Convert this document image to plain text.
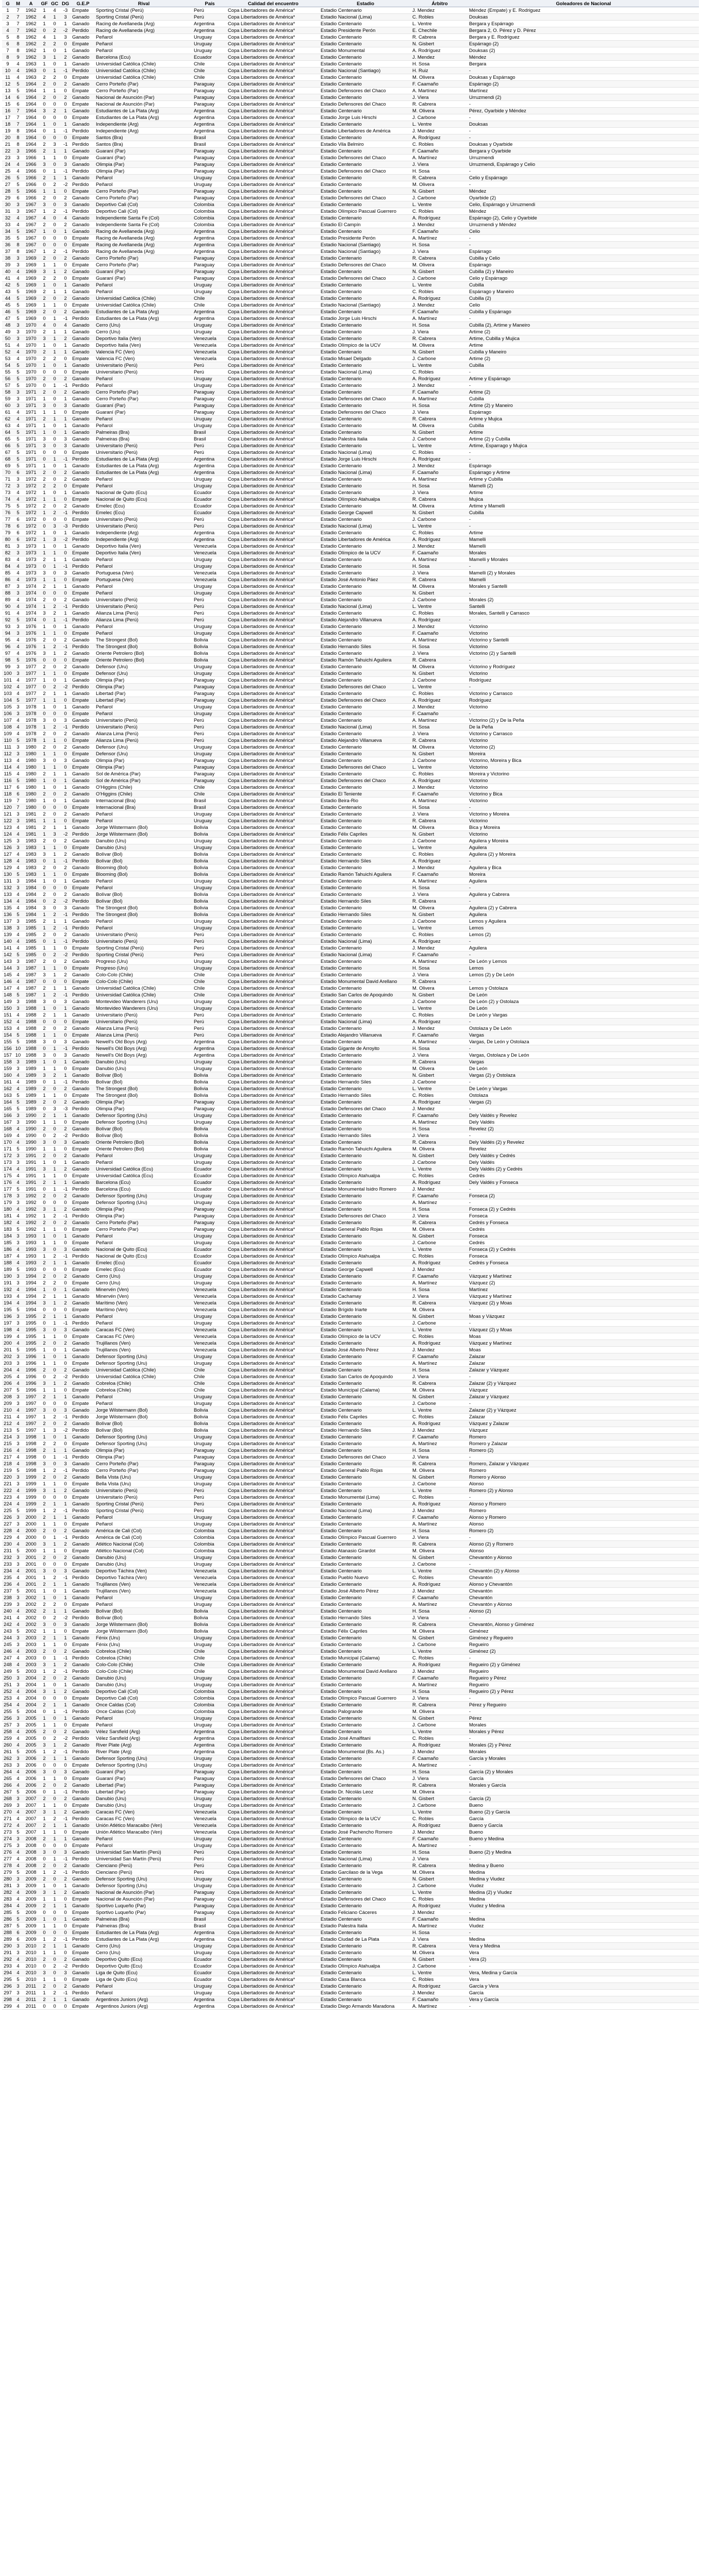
G	M	A	GF	GC	DG	G.E.P	Rival	País	Calidad del encuentro	Estadio	Árbitro	Goleadores de Nacional
1	7	1962	1	4	-3	Empate	Sporting Cristal (Perú)	Perú	Copa Libertadores de América*	Estadio Centenario	J. Mendez	Méndez (Empate) y E. Rodriguez
2	7	1962	4	1	3	Ganado	Sporting Cristal (Perú)	Perú	Copa Libertadores de América*	Estadio Nacional (Lima)	C. Robles	Douksas
3	7	1962	1	0	1	Ganado	Racing de Avellaneda (Arg)	Argentina	Copa Libertadores de América*	Estadio Centenario	L. Ventre	Bergara y Espárrago
4	7	1962	0	2	-2	Perdido	Racing de Avellaneda (Arg)	Argentina	Copa Libertadores de América*	Estadio Presidente Perón	E. Chechile	Bergara 2, O. Pérez y D. Pérez
5	8	1962	4	1	3	Ganado	Peñarol	Uruguay	Copa Libertadores de América*	Estadio Centenario	R. Cabrera	Bergara y E. Rodríguez
6	8	1962	2	2	0	Empate	Peñarol	Uruguay	Copa Libertadores de América*	Estadio Centenario	N. Gisbert	Espárrago (2)
7	8	1962	1	0	1	Ganado	Peñarol	Uruguay	Copa Libertadores de América*	Estadio Monumental	A. Rodríguez	Douksas (2)
8	9	1962	3	1	2	Ganado	Barcelona (Ecu)	Ecuador	Copa Libertadores de América*	Estadio Centenario	J. Mendez	Méndez
9	4	1963	1	0	1	Ganado	Universidad Católica (Chile)	Chile	Copa Libertadores de América*	Estadio Centenario	H. Sosa	Bergara
10	4	1963	0	1	-1	Perdido	Universidad Católica (Chile)	Chile	Copa Libertadores de América*	Estadio Nacional (Santiago)	H. Ruiz	-
11	4	1963	2	2	0	Empate	Universidad Católica (Chile)	Chile	Copa Libertadores de América*	Estadio Centenario	M. Olivera	Douksas y Espárrago
12	5	1964	2	0	2	Ganado	Cerro Porteño (Par)	Paraguay	Copa Libertadores de América*	Estadio Centenario	F. Caamaño	Espárrago (2)
13	5	1964	1	1	0	Empate	Cerro Porteño (Par)	Paraguay	Copa Libertadores de América*	Estadio Defensores del Chaco	A. Martínez	Martínez
14	6	1964	2	0	2	Ganado	Nacional de Asunción (Par)	Paraguay	Copa Libertadores de América*	Estadio Centenario	J. Viera	Urruzmendi (2)
15	6	1964	0	0	0	Empate	Nacional de Asunción (Par)	Paraguay	Copa Libertadores de América*	Estadio Defensores del Chaco	R. Cabrera	-
16	7	1964	3	2	1	Ganado	Estudiantes de La Plata (Arg)	Argentina	Copa Libertadores de América*	Estadio Centenario	M. Olivera	Pérez, Oyarbide y Méndez
17	7	1964	0	0	0	Empate	Estudiantes de La Plata (Arg)	Argentina	Copa Libertadores de América*	Estadio Jorge Luis Hirschi	J. Carbone	-
18	7	1964	1	0	1	Ganado	Independiente (Arg)	Argentina	Copa Libertadores de América*	Estadio Centenario	L. Ventre	Douksas
19	8	1964	0	1	-1	Perdido	Independiente (Arg)	Argentina	Copa Libertadores de América*	Estadio Libertadores de América	J. Mendez	-
20	8	1964	0	0	0	Empate	Santos (Bra)	Brasil	Copa Libertadores de América*	Estadio Centenario	A. Rodríguez	-
21	8	1964	2	3	-1	Perdido	Santos (Bra)	Brasil	Copa Libertadores de América*	Estadio Vila Belmiro	C. Robles	Douksas y Oyarbide
22	3	1966	2	1	1	Ganado	Guaraní (Par)	Paraguay	Copa Libertadores de América*	Estadio Centenario	F. Caamaño	Bergara y Oyarbide
23	3	1966	1	1	0	Empate	Guaraní (Par)	Paraguay	Copa Libertadores de América*	Estadio Defensores del Chaco	A. Martínez	Urruzmendi
24	4	1966	3	0	3	Ganado	Olimpia (Par)	Paraguay	Copa Libertadores de América*	Estadio Centenario	J. Viera	Urruzmendi, Espárrago y Celio
25	4	1966	0	1	-1	Perdido	Olimpia (Par)	Paraguay	Copa Libertadores de América*	Estadio Defensores del Chaco	H. Sosa	-
26	5	1966	2	1	1	Ganado	Peñarol	Uruguay	Copa Libertadores de América*	Estadio Centenario	R. Cabrera	Celio y Espárrago
27	5	1966	0	2	-2	Perdido	Peñarol	Uruguay	Copa Libertadores de América*	Estadio Centenario	M. Olivera	-
28	5	1966	1	1	0	Empate	Cerro Porteño (Par)	Paraguay	Copa Libertadores de América*	Estadio Centenario	N. Gisbert	Méndez
29	6	1966	2	0	2	Ganado	Cerro Porteño (Par)	Paraguay	Copa Libertadores de América*	Estadio Defensores del Chaco	J. Carbone	Oyarbide (2)
30	3	1967	3	0	3	Ganado	Deportivo Cali (Col)	Colombia	Copa Libertadores de América*	Estadio Centenario	L. Ventre	Celio, Espárrago y Urruzmendi
31	3	1967	1	2	-1	Perdido	Deportivo Cali (Col)	Colombia	Copa Libertadores de América*	Estadio Olímpico Pascual Guerrero	C. Robles	Méndez
32	4	1967	4	0	4	Ganado	Independiente Santa Fe (Col)	Colombia	Copa Libertadores de América*	Estadio Centenario	A. Rodríguez	Espárrago (2), Celio y Oyarbide
33	4	1967	2	0	2	Ganado	Independiente Santa Fe (Col)	Colombia	Copa Libertadores de América*	Estadio El Campín	J. Mendez	Urruzmendi y Méndez
34	5	1967	1	0	1	Ganado	Racing de Avellaneda (Arg)	Argentina	Copa Libertadores de América*	Estadio Centenario	F. Caamaño	Celio
35	5	1967	0	0	0	Empate	Racing de Avellaneda (Arg)	Argentina	Copa Libertadores de América*	Estadio Presidente Perón	A. Martínez	-
36	8	1967	0	0	0	Empate	Racing de Avellaneda (Arg)	Argentina	Copa Libertadores de América*	Estadio Nacional (Santiago)	H. Sosa	-
37	8	1967	1	2	-1	Perdido	Racing de Avellaneda (Arg)	Argentina	Copa Libertadores de América*	Estadio Nacional (Santiago)	J. Viera	Espárrago
38	3	1969	2	0	2	Ganado	Cerro Porteño (Par)	Paraguay	Copa Libertadores de América*	Estadio Centenario	R. Cabrera	Cubilla y Celio
39	3	1969	1	1	0	Empate	Cerro Porteño (Par)	Paraguay	Copa Libertadores de América*	Estadio Defensores del Chaco	M. Olivera	Espárrago
40	4	1969	3	1	2	Ganado	Guaraní (Par)	Paraguay	Copa Libertadores de América*	Estadio Centenario	N. Gisbert	Cubilla (2) y Maneiro
41	4	1969	2	2	0	Empate	Guaraní (Par)	Paraguay	Copa Libertadores de América*	Estadio Defensores del Chaco	J. Carbone	Celio y Espárrago
42	5	1969	1	0	1	Ganado	Peñarol	Uruguay	Copa Libertadores de América*	Estadio Centenario	L. Ventre	Cubilla
43	5	1969	2	1	1	Ganado	Peñarol	Uruguay	Copa Libertadores de América*	Estadio Centenario	C. Robles	Espárrago y Maneiro
44	5	1969	2	0	2	Ganado	Universidad Católica (Chile)	Chile	Copa Libertadores de América*	Estadio Centenario	A. Rodríguez	Cubilla (2)
45	5	1969	1	1	0	Empate	Universidad Católica (Chile)	Chile	Copa Libertadores de América*	Estadio Nacional (Santiago)	J. Mendez	Celio
46	5	1969	2	0	2	Ganado	Estudiantes de La Plata (Arg)	Argentina	Copa Libertadores de América*	Estadio Centenario	F. Caamaño	Cubilla y Espárrago
47	5	1969	0	1	-1	Perdido	Estudiantes de La Plata (Arg)	Argentina	Copa Libertadores de América*	Estadio Jorge Luis Hirschi	A. Martínez	-
48	3	1970	4	0	4	Ganado	Cerro (Uru)	Uruguay	Copa Libertadores de América*	Estadio Centenario	H. Sosa	Cubilla (2), Artime y Maneiro
49	3	1970	2	1	1	Ganado	Cerro (Uru)	Uruguay	Copa Libertadores de América*	Estadio Centenario	J. Viera	Artime (2)
50	3	1970	3	1	2	Ganado	Deportivo Italia (Ven)	Venezuela	Copa Libertadores de América*	Estadio Centenario	R. Cabrera	Artime, Cubilla y Mujica
51	4	1970	1	0	1	Ganado	Deportivo Italia (Ven)	Venezuela	Copa Libertadores de América*	Estadio Olímpico de la UCV	M. Olivera	Artime
52	4	1970	2	1	1	Ganado	Valencia FC (Ven)	Venezuela	Copa Libertadores de América*	Estadio Centenario	N. Gisbert	Cubilla y Maneiro
53	4	1970	2	2	0	Empate	Valencia FC (Ven)	Venezuela	Copa Libertadores de América*	Estadio Misael Delgado	J. Carbone	Artime (2)
54	5	1970	1	0	1	Ganado	Universitario (Perú)	Perú	Copa Libertadores de América*	Estadio Centenario	L. Ventre	Cubilla
55	5	1970	0	0	0	Empate	Universitario (Perú)	Perú	Copa Libertadores de América*	Estadio Nacional (Lima)	C. Robles	-
56	5	1970	2	0	2	Ganado	Peñarol	Uruguay	Copa Libertadores de América*	Estadio Centenario	A. Rodríguez	Artime y Espárrago
57	5	1970	0	1	-1	Perdido	Peñarol	Uruguay	Copa Libertadores de América*	Estadio Centenario	J. Mendez	-
58	3	1971	2	0	2	Ganado	Cerro Porteño (Par)	Paraguay	Copa Libertadores de América*	Estadio Centenario	F. Caamaño	Artime (2)
59	3	1971	1	0	1	Ganado	Cerro Porteño (Par)	Paraguay	Copa Libertadores de América*	Estadio Defensores del Chaco	A. Martínez	Cubilla
60	3	1971	3	0	3	Ganado	Guaraní (Par)	Paraguay	Copa Libertadores de América*	Estadio Centenario	H. Sosa	Artime (2) y Maneiro
61	4	1971	1	1	0	Empate	Guaraní (Par)	Paraguay	Copa Libertadores de América*	Estadio Defensores del Chaco	J. Viera	Espárrago
62	4	1971	2	1	1	Ganado	Peñarol	Uruguay	Copa Libertadores de América*	Estadio Centenario	R. Cabrera	Artime y Mujica
63	4	1971	1	0	1	Ganado	Peñarol	Uruguay	Copa Libertadores de América*	Estadio Centenario	M. Olivera	Cubilla
64	5	1971	1	0	1	Ganado	Palmeiras (Bra)	Brasil	Copa Libertadores de América*	Estadio Centenario	N. Gisbert	Artime
65	5	1971	3	0	3	Ganado	Palmeiras (Bra)	Brasil	Copa Libertadores de América*	Estadio Palestra Italia	J. Carbone	Artime (2) y Cubilla
66	5	1971	3	0	3	Ganado	Universitario (Perú)	Perú	Copa Libertadores de América*	Estadio Centenario	L. Ventre	Artime, Esparrago y Mujica
67	5	1971	0	0	0	Empate	Universitario (Perú)	Perú	Copa Libertadores de América*	Estadio Nacional (Lima)	C. Robles	-
68	5	1971	0	1	-1	Perdido	Estudiantes de La Plata (Arg)	Argentina	Copa Libertadores de América*	Estadio Jorge Luis Hirschi	A. Rodríguez	-
69	5	1971	1	0	1	Ganado	Estudiantes de La Plata (Arg)	Argentina	Copa Libertadores de América*	Estadio Centenario	J. Mendez	Espárrago
70	6	1971	2	0	2	Ganado	Estudiantes de La Plata (Arg)	Argentina	Copa Libertadores de América*	Estadio Nacional (Lima)	F. Caamaño	Espárrago y Artime
71	3	1972	2	0	2	Ganado	Peñarol	Uruguay	Copa Libertadores de América*	Estadio Centenario	A. Martínez	Artime y Cubilla
72	3	1972	2	2	0	Empate	Peñarol	Uruguay	Copa Libertadores de América*	Estadio Centenario	H. Sosa	Mamelli (2)
73	4	1972	1	0	1	Ganado	Nacional de Quito (Ecu)	Ecuador	Copa Libertadores de América*	Estadio Centenario	J. Viera	Artime
74	4	1972	1	1	0	Empate	Nacional de Quito (Ecu)	Ecuador	Copa Libertadores de América*	Estadio Olímpico Atahualpa	R. Cabrera	Mujica
75	5	1972	2	0	2	Ganado	Emelec (Ecu)	Ecuador	Copa Libertadores de América*	Estadio Centenario	M. Olivera	Artime y Mamelli
76	5	1972	1	2	-1	Perdido	Emelec (Ecu)	Ecuador	Copa Libertadores de América*	Estadio George Capwell	N. Gisbert	Cubilla
77	6	1972	0	0	0	Empate	Universitario (Perú)	Perú	Copa Libertadores de América*	Estadio Centenario	J. Carbone	-
78	6	1972	0	3	-3	Perdido	Universitario (Perú)	Perú	Copa Libertadores de América*	Estadio Nacional (Lima)	L. Ventre	-
79	6	1972	1	0	1	Ganado	Independiente (Arg)	Argentina	Copa Libertadores de América*	Estadio Centenario	C. Robles	Artime
80	6	1972	1	3	-2	Perdido	Independiente (Arg)	Argentina	Copa Libertadores de América*	Estadio Libertadores de América	A. Rodríguez	Mamelli
81	3	1973	1	0	1	Ganado	Deportivo Italia (Ven)	Venezuela	Copa Libertadores de América*	Estadio Centenario	J. Mendez	Mamelli
82	3	1973	1	1	0	Empate	Deportivo Italia (Ven)	Venezuela	Copa Libertadores de América*	Estadio Olímpico de la UCV	F. Caamaño	Morales
83	4	1973	2	1	1	Ganado	Peñarol	Uruguay	Copa Libertadores de América*	Estadio Centenario	A. Martínez	Mamelli y Morales
84	4	1973	0	1	-1	Perdido	Peñarol	Uruguay	Copa Libertadores de América*	Estadio Centenario	H. Sosa	-
85	4	1973	3	0	3	Ganado	Portuguesa (Ven)	Venezuela	Copa Libertadores de América*	Estadio Centenario	J. Viera	Mamelli (2) y Morales
86	4	1973	1	1	0	Empate	Portuguesa (Ven)	Venezuela	Copa Libertadores de América*	Estadio José Antonio Páez	R. Cabrera	Mamelli
87	3	1974	2	1	1	Ganado	Peñarol	Uruguay	Copa Libertadores de América*	Estadio Centenario	M. Olivera	Morales y Santelli
88	3	1974	0	0	0	Empate	Peñarol	Uruguay	Copa Libertadores de América*	Estadio Centenario	N. Gisbert	-
89	4	1974	2	0	2	Ganado	Universitario (Perú)	Perú	Copa Libertadores de América*	Estadio Centenario	J. Carbone	Morales (2)
90	4	1974	1	2	-1	Perdido	Universitario (Perú)	Perú	Copa Libertadores de América*	Estadio Nacional (Lima)	L. Ventre	Santelli
91	4	1974	3	2	1	Ganado	Alianza Lima (Perú)	Perú	Copa Libertadores de América*	Estadio Centenario	C. Robles	Morales, Santelli y Carrasco
92	5	1974	0	1	-1	Perdido	Alianza Lima (Perú)	Perú	Copa Libertadores de América*	Estadio Alejandro Villanueva	A. Rodríguez	-
93	3	1976	1	0	1	Ganado	Peñarol	Uruguay	Copa Libertadores de América*	Estadio Centenario	J. Mendez	Victorino
94	3	1976	1	1	0	Empate	Peñarol	Uruguay	Copa Libertadores de América*	Estadio Centenario	F. Caamaño	Victorino
95	4	1976	2	0	2	Ganado	The Strongest (Bol)	Bolivia	Copa Libertadores de América*	Estadio Centenario	A. Martínez	Victorino y Santelli
96	4	1976	1	2	-1	Perdido	The Strongest (Bol)	Bolivia	Copa Libertadores de América*	Estadio Hernando Siles	H. Sosa	Victorino
97	4	1976	3	1	2	Ganado	Oriente Petrolero (Bol)	Bolivia	Copa Libertadores de América*	Estadio Centenario	J. Viera	Victorino (2) y Santelli
98	5	1976	0	0	0	Empate	Oriente Petrolero (Bol)	Bolivia	Copa Libertadores de América*	Estadio Ramón Tahuichi Aguilera	R. Cabrera	-
99	3	1977	2	0	2	Ganado	Defensor (Uru)	Uruguay	Copa Libertadores de América*	Estadio Centenario	M. Olivera	Victorino y Rodríguez
100	3	1977	1	1	0	Empate	Defensor (Uru)	Uruguay	Copa Libertadores de América*	Estadio Centenario	N. Gisbert	Victorino
101	4	1977	1	0	1	Ganado	Olimpia (Par)	Paraguay	Copa Libertadores de América*	Estadio Centenario	J. Carbone	Rodríguez
102	4	1977	0	2	-2	Perdido	Olimpia (Par)	Paraguay	Copa Libertadores de América*	Estadio Defensores del Chaco	L. Ventre	-
103	4	1977	2	1	1	Ganado	Libertad (Par)	Paraguay	Copa Libertadores de América*	Estadio Centenario	C. Robles	Victorino y Carrasco
104	5	1977	1	1	0	Empate	Libertad (Par)	Paraguay	Copa Libertadores de América*	Estadio Defensores del Chaco	A. Rodríguez	Rodríguez
105	3	1978	1	0	1	Ganado	Peñarol	Uruguay	Copa Libertadores de América*	Estadio Centenario	J. Mendez	Victorino
106	3	1978	0	0	0	Empate	Peñarol	Uruguay	Copa Libertadores de América*	Estadio Centenario	F. Caamaño	-
107	4	1978	3	0	3	Ganado	Universitario (Perú)	Perú	Copa Libertadores de América*	Estadio Centenario	A. Martínez	Victorino (2) y De la Peña
108	4	1978	1	2	-1	Perdido	Universitario (Perú)	Perú	Copa Libertadores de América*	Estadio Nacional (Lima)	H. Sosa	De la Peña
109	4	1978	2	0	2	Ganado	Alianza Lima (Perú)	Perú	Copa Libertadores de América*	Estadio Centenario	J. Viera	Victorino y Carrasco
110	5	1978	1	1	0	Empate	Alianza Lima (Perú)	Perú	Copa Libertadores de América*	Estadio Alejandro Villanueva	R. Cabrera	Victorino
111	3	1980	2	0	2	Ganado	Defensor (Uru)	Uruguay	Copa Libertadores de América*	Estadio Centenario	M. Olivera	Victorino (2)
112	3	1980	1	1	0	Empate	Defensor (Uru)	Uruguay	Copa Libertadores de América*	Estadio Centenario	N. Gisbert	Moreira
113	4	1980	3	0	3	Ganado	Olimpia (Par)	Paraguay	Copa Libertadores de América*	Estadio Centenario	J. Carbone	Victorino, Moreira y Bica
114	4	1980	1	1	0	Empate	Olimpia (Par)	Paraguay	Copa Libertadores de América*	Estadio Defensores del Chaco	L. Ventre	Victorino
115	4	1980	2	1	1	Ganado	Sol de América (Par)	Paraguay	Copa Libertadores de América*	Estadio Centenario	C. Robles	Moreira y Victorino
116	5	1980	1	0	1	Ganado	Sol de América (Par)	Paraguay	Copa Libertadores de América*	Estadio Defensores del Chaco	A. Rodríguez	Victorino
117	6	1980	1	0	1	Ganado	O'Higgins (Chile)	Chile	Copa Libertadores de América*	Estadio Centenario	J. Mendez	Victorino
118	6	1980	2	0	2	Ganado	O'Higgins (Chile)	Chile	Copa Libertadores de América*	Estadio El Teniente	F. Caamaño	Victorino y Bica
119	7	1980	1	0	1	Ganado	Internacional (Bra)	Brasil	Copa Libertadores de América*	Estadio Beira-Rio	A. Martínez	Victorino
120	7	1980	0	0	0	Empate	Internacional (Bra)	Brasil	Copa Libertadores de América*	Estadio Centenario	H. Sosa	-
121	3	1981	2	0	2	Ganado	Peñarol	Uruguay	Copa Libertadores de América*	Estadio Centenario	J. Viera	Victorino y Moreira
122	3	1981	1	1	0	Empate	Peñarol	Uruguay	Copa Libertadores de América*	Estadio Centenario	R. Cabrera	Victorino
123	4	1981	2	1	1	Ganado	Jorge Wilstermann (Bol)	Bolivia	Copa Libertadores de América*	Estadio Centenario	M. Olivera	Bica y Moreira
124	4	1981	1	3	-2	Perdido	Jorge Wilstermann (Bol)	Bolivia	Copa Libertadores de América*	Estadio Félix Capriles	N. Gisbert	Victorino
125	3	1983	2	0	2	Ganado	Danubio (Uru)	Uruguay	Copa Libertadores de América*	Estadio Centenario	J. Carbone	Aguilera y Moreira
126	3	1983	1	1	0	Empate	Danubio (Uru)	Uruguay	Copa Libertadores de América*	Estadio Centenario	L. Ventre	Aguilera
127	4	1983	3	1	2	Ganado	Bolívar (Bol)	Bolivia	Copa Libertadores de América*	Estadio Centenario	C. Robles	Aguilera (2) y Moreira
128	4	1983	0	1	-1	Perdido	Bolívar (Bol)	Bolivia	Copa Libertadores de América*	Estadio Hernando Siles	A. Rodríguez	-
129	4	1983	2	0	2	Ganado	Blooming (Bol)	Bolivia	Copa Libertadores de América*	Estadio Centenario	J. Mendez	Aguilera y Bica
130	5	1983	1	1	0	Empate	Blooming (Bol)	Bolivia	Copa Libertadores de América*	Estadio Ramón Tahuichi Aguilera	F. Caamaño	Moreira
131	3	1984	1	0	1	Ganado	Peñarol	Uruguay	Copa Libertadores de América*	Estadio Centenario	A. Martínez	Aguilera
132	3	1984	0	0	0	Empate	Peñarol	Uruguay	Copa Libertadores de América*	Estadio Centenario	H. Sosa	-
133	4	1984	2	0	2	Ganado	Bolívar (Bol)	Bolivia	Copa Libertadores de América*	Estadio Centenario	J. Viera	Aguilera y Cabrera
134	4	1984	0	2	-2	Perdido	Bolívar (Bol)	Bolivia	Copa Libertadores de América*	Estadio Hernando Siles	R. Cabrera	-
135	4	1984	3	0	3	Ganado	The Strongest (Bol)	Bolivia	Copa Libertadores de América*	Estadio Centenario	M. Olivera	Aguilera (2) y Cabrera
136	5	1984	1	2	-1	Perdido	The Strongest (Bol)	Bolivia	Copa Libertadores de América*	Estadio Hernando Siles	N. Gisbert	Aguilera
137	3	1985	2	1	1	Ganado	Peñarol	Uruguay	Copa Libertadores de América*	Estadio Centenario	J. Carbone	Lemos y Aguilera
138	3	1985	1	2	-1	Perdido	Peñarol	Uruguay	Copa Libertadores de América*	Estadio Centenario	L. Ventre	Lemos
139	4	1985	2	0	2	Ganado	Universitario (Perú)	Perú	Copa Libertadores de América*	Estadio Centenario	C. Robles	Lemos (2)
140	4	1985	0	1	-1	Perdido	Universitario (Perú)	Perú	Copa Libertadores de América*	Estadio Nacional (Lima)	A. Rodríguez	-
141	4	1985	1	1	0	Empate	Sporting Cristal (Perú)	Perú	Copa Libertadores de América*	Estadio Centenario	J. Mendez	Aguilera
142	5	1985	0	2	-2	Perdido	Sporting Cristal (Perú)	Perú	Copa Libertadores de América*	Estadio Nacional (Lima)	F. Caamaño	-
143	3	1987	2	0	2	Ganado	Progreso (Uru)	Uruguay	Copa Libertadores de América*	Estadio Centenario	A. Martínez	De León y Lemos
144	3	1987	1	1	0	Empate	Progreso (Uru)	Uruguay	Copa Libertadores de América*	Estadio Centenario	H. Sosa	Lemos
145	4	1987	3	1	2	Ganado	Colo-Colo (Chile)	Chile	Copa Libertadores de América*	Estadio Centenario	J. Viera	Lemos (2) y De León
146	4	1987	0	0	0	Empate	Colo-Colo (Chile)	Chile	Copa Libertadores de América*	Estadio Monumental David Arellano	R. Cabrera	-
147	4	1987	2	1	1	Ganado	Universidad Católica (Chile)	Chile	Copa Libertadores de América*	Estadio Centenario	M. Olivera	Lemos y Ostolaza
148	5	1987	1	2	-1	Perdido	Universidad Católica (Chile)	Chile	Copa Libertadores de América*	Estadio San Carlos de Apoquindo	N. Gisbert	De León
149	3	1988	3	0	3	Ganado	Montevideo Wanderers (Uru)	Uruguay	Copa Libertadores de América*	Estadio Centenario	J. Carbone	De León (2) y Ostolaza
150	3	1988	1	0	1	Ganado	Montevideo Wanderers (Uru)	Uruguay	Copa Libertadores de América*	Estadio Centenario	L. Ventre	De León
151	4	1988	2	1	1	Ganado	Universitario (Perú)	Perú	Copa Libertadores de América*	Estadio Centenario	C. Robles	De León y Vargas
152	4	1988	0	0	0	Empate	Universitario (Perú)	Perú	Copa Libertadores de América*	Estadio Nacional (Lima)	A. Rodríguez	-
153	4	1988	2	0	2	Ganado	Alianza Lima (Perú)	Perú	Copa Libertadores de América*	Estadio Centenario	J. Mendez	Ostolaza y De León
154	5	1988	1	1	0	Empate	Alianza Lima (Perú)	Perú	Copa Libertadores de América*	Estadio Alejandro Villanueva	F. Caamaño	Vargas
155	5	1988	3	0	3	Ganado	Newell's Old Boys (Arg)	Argentina	Copa Libertadores de América*	Estadio Centenario	A. Martínez	Vargas, De León y Ostolaza
156	10	1988	0	1	-1	Perdido	Newell's Old Boys (Arg)	Argentina	Copa Libertadores de América*	Estadio Gigante de Arroyito	H. Sosa	-
157	10	1988	3	0	3	Ganado	Newell's Old Boys (Arg)	Argentina	Copa Libertadores de América*	Estadio Centenario	J. Viera	Vargas, Ostolaza y De León
158	3	1989	1	0	1	Ganado	Danubio (Uru)	Uruguay	Copa Libertadores de América*	Estadio Centenario	R. Cabrera	Vargas
159	3	1989	1	1	0	Empate	Danubio (Uru)	Uruguay	Copa Libertadores de América*	Estadio Centenario	M. Olivera	De León
160	4	1989	3	2	1	Ganado	Bolívar (Bol)	Bolivia	Copa Libertadores de América*	Estadio Centenario	N. Gisbert	Vargas (2) y Ostolaza
161	4	1989	0	1	-1	Perdido	Bolívar (Bol)	Bolivia	Copa Libertadores de América*	Estadio Hernando Siles	J. Carbone	-
162	4	1989	2	0	2	Ganado	The Strongest (Bol)	Bolivia	Copa Libertadores de América*	Estadio Centenario	L. Ventre	De León y Vargas
163	5	1989	1	1	0	Empate	The Strongest (Bol)	Bolivia	Copa Libertadores de América*	Estadio Hernando Siles	C. Robles	Ostolaza
164	5	1989	2	0	2	Ganado	Olimpia (Par)	Paraguay	Copa Libertadores de América*	Estadio Centenario	A. Rodríguez	Vargas (2)
165	5	1989	0	3	-3	Perdido	Olimpia (Par)	Paraguay	Copa Libertadores de América*	Estadio Defensores del Chaco	J. Mendez	-
166	3	1990	2	1	1	Ganado	Defensor Sporting (Uru)	Uruguay	Copa Libertadores de América*	Estadio Centenario	F. Caamaño	Dely Valdés y Revelez
167	3	1990	1	1	0	Empate	Defensor Sporting (Uru)	Uruguay	Copa Libertadores de América*	Estadio Centenario	A. Martínez	Dely Valdés
168	4	1990	2	0	2	Ganado	Bolívar (Bol)	Bolivia	Copa Libertadores de América*	Estadio Centenario	H. Sosa	Revelez (2)
169	4	1990	0	2	-2	Perdido	Bolívar (Bol)	Bolivia	Copa Libertadores de América*	Estadio Hernando Siles	J. Viera	-
170	4	1990	3	0	3	Ganado	Oriente Petrolero (Bol)	Bolivia	Copa Libertadores de América*	Estadio Centenario	R. Cabrera	Dely Valdés (2) y Revelez
171	5	1990	1	1	0	Empate	Oriente Petrolero (Bol)	Bolivia	Copa Libertadores de América*	Estadio Ramón Tahuichi Aguilera	M. Olivera	Revelez
172	3	1991	2	0	2	Ganado	Peñarol	Uruguay	Copa Libertadores de América*	Estadio Centenario	N. Gisbert	Dely Valdés y Cedrés
173	3	1991	1	0	1	Ganado	Peñarol	Uruguay	Copa Libertadores de América*	Estadio Centenario	J. Carbone	Dely Valdés
174	4	1991	3	1	2	Ganado	Universidad Católica (Ecu)	Ecuador	Copa Libertadores de América*	Estadio Centenario	L. Ventre	Dely Valdés (2) y Cedrés
175	4	1991	1	1	0	Empate	Universidad Católica (Ecu)	Ecuador	Copa Libertadores de América*	Estadio Olímpico Atahualpa	C. Robles	Cedrés
176	4	1991	2	1	1	Ganado	Barcelona (Ecu)	Ecuador	Copa Libertadores de América*	Estadio Centenario	A. Rodríguez	Dely Valdés y Fonseca
177	5	1991	0	1	-1	Perdido	Barcelona (Ecu)	Ecuador	Copa Libertadores de América*	Estadio Monumental Isidro Romero	J. Mendez	-
178	3	1992	2	0	2	Ganado	Defensor Sporting (Uru)	Uruguay	Copa Libertadores de América*	Estadio Centenario	F. Caamaño	Fonseca (2)
179	3	1992	0	0	0	Empate	Defensor Sporting (Uru)	Uruguay	Copa Libertadores de América*	Estadio Centenario	A. Martínez	-
180	4	1992	3	1	2	Ganado	Olimpia (Par)	Paraguay	Copa Libertadores de América*	Estadio Centenario	H. Sosa	Fonseca (2) y Cedrés
181	4	1992	1	2	-1	Perdido	Olimpia (Par)	Paraguay	Copa Libertadores de América*	Estadio Defensores del Chaco	J. Viera	Fonseca
182	4	1992	2	0	2	Ganado	Cerro Porteño (Par)	Paraguay	Copa Libertadores de América*	Estadio Centenario	R. Cabrera	Cedrés y Fonseca
183	5	1992	1	1	0	Empate	Cerro Porteño (Par)	Paraguay	Copa Libertadores de América*	Estadio General Pablo Rojas	M. Olivera	Cedrés
184	3	1993	1	0	1	Ganado	Peñarol	Uruguay	Copa Libertadores de América*	Estadio Centenario	N. Gisbert	Fonseca
185	3	1993	1	1	0	Empate	Peñarol	Uruguay	Copa Libertadores de América*	Estadio Centenario	J. Carbone	Cedrés
186	4	1993	3	0	3	Ganado	Nacional de Quito (Ecu)	Ecuador	Copa Libertadores de América*	Estadio Centenario	L. Ventre	Fonseca (2) y Cedrés
187	4	1993	1	2	-1	Perdido	Nacional de Quito (Ecu)	Ecuador	Copa Libertadores de América*	Estadio Olímpico Atahualpa	C. Robles	Fonseca
188	4	1993	2	1	1	Ganado	Emelec (Ecu)	Ecuador	Copa Libertadores de América*	Estadio Centenario	A. Rodríguez	Cedrés y Fonseca
189	5	1993	0	0	0	Empate	Emelec (Ecu)	Ecuador	Copa Libertadores de América*	Estadio George Capwell	J. Mendez	-
190	3	1994	2	0	2	Ganado	Cerro (Uru)	Uruguay	Copa Libertadores de América*	Estadio Centenario	F. Caamaño	Vázquez y Martínez
191	3	1994	2	2	0	Empate	Cerro (Uru)	Uruguay	Copa Libertadores de América*	Estadio Centenario	A. Martínez	Vázquez (2)
192	4	1994	1	0	1	Ganado	Minervén (Ven)	Venezuela	Copa Libertadores de América*	Estadio Centenario	H. Sosa	Martínez
193	4	1994	2	1	1	Ganado	Minervén (Ven)	Venezuela	Copa Libertadores de América*	Estadio Cachamay	J. Viera	Vázquez y Martínez
194	4	1994	3	1	2	Ganado	Marítimo (Ven)	Venezuela	Copa Libertadores de América*	Estadio Centenario	R. Cabrera	Vázquez (2) y Moas
195	5	1994	0	0	0	Empate	Marítimo (Ven)	Venezuela	Copa Libertadores de América*	Estadio Brígido Iriarte	M. Olivera	-
196	3	1995	2	1	1	Ganado	Peñarol	Uruguay	Copa Libertadores de América*	Estadio Centenario	N. Gisbert	Moas y Vázquez
197	3	1995	0	1	-1	Perdido	Peñarol	Uruguay	Copa Libertadores de América*	Estadio Centenario	J. Carbone	-
198	4	1995	3	0	3	Ganado	Caracas FC (Ven)	Venezuela	Copa Libertadores de América*	Estadio Centenario	L. Ventre	Vázquez (2) y Moas
199	4	1995	1	1	0	Empate	Caracas FC (Ven)	Venezuela	Copa Libertadores de América*	Estadio Olímpico de la UCV	C. Robles	Moas
200	4	1995	2	0	2	Ganado	Trujillanos (Ven)	Venezuela	Copa Libertadores de América*	Estadio Centenario	A. Rodríguez	Vázquez y Martínez
201	5	1995	1	0	1	Ganado	Trujillanos (Ven)	Venezuela	Copa Libertadores de América*	Estadio José Alberto Pérez	J. Mendez	Moas
202	3	1996	1	0	1	Ganado	Defensor Sporting (Uru)	Uruguay	Copa Libertadores de América*	Estadio Centenario	F. Caamaño	Zalazar
203	3	1996	1	1	0	Empate	Defensor Sporting (Uru)	Uruguay	Copa Libertadores de América*	Estadio Centenario	A. Martínez	Zalazar
204	4	1996	2	0	2	Ganado	Universidad Católica (Chile)	Chile	Copa Libertadores de América*	Estadio Centenario	H. Sosa	Zalazar y Vázquez
205	4	1996	0	2	-2	Perdido	Universidad Católica (Chile)	Chile	Copa Libertadores de América*	Estadio San Carlos de Apoquindo	J. Viera	-
206	4	1996	3	1	2	Ganado	Cobreloa (Chile)	Chile	Copa Libertadores de América*	Estadio Centenario	R. Cabrera	Zalazar (2) y Vázquez
207	5	1996	1	1	0	Empate	Cobreloa (Chile)	Chile	Copa Libertadores de América*	Estadio Municipal (Calama)	M. Olivera	Vázquez
208	3	1997	2	1	1	Ganado	Peñarol	Uruguay	Copa Libertadores de América*	Estadio Centenario	N. Gisbert	Zalazar y Vázquez
209	3	1997	0	0	0	Empate	Peñarol	Uruguay	Copa Libertadores de América*	Estadio Centenario	J. Carbone	-
210	4	1997	3	0	3	Ganado	Jorge Wilstermann (Bol)	Bolivia	Copa Libertadores de América*	Estadio Centenario	L. Ventre	Zalazar (2) y Vázquez
211	4	1997	1	2	-1	Perdido	Jorge Wilstermann (Bol)	Bolivia	Copa Libertadores de América*	Estadio Félix Capriles	C. Robles	Zalazar
212	4	1997	2	0	2	Ganado	Bolívar (Bol)	Bolivia	Copa Libertadores de América*	Estadio Centenario	A. Rodríguez	Vázquez y Zalazar
213	5	1997	1	3	-2	Perdido	Bolívar (Bol)	Bolivia	Copa Libertadores de América*	Estadio Hernando Siles	J. Mendez	Vázquez
214	3	1998	1	0	1	Ganado	Defensor Sporting (Uru)	Uruguay	Copa Libertadores de América*	Estadio Centenario	F. Caamaño	Romero
215	3	1998	2	2	0	Empate	Defensor Sporting (Uru)	Uruguay	Copa Libertadores de América*	Estadio Centenario	A. Martínez	Romero y Zalazar
216	4	1998	2	1	1	Ganado	Olimpia (Par)	Paraguay	Copa Libertadores de América*	Estadio Centenario	H. Sosa	Romero (2)
217	4	1998	0	1	-1	Perdido	Olimpia (Par)	Paraguay	Copa Libertadores de América*	Estadio Defensores del Chaco	J. Viera	-
218	4	1998	3	0	3	Ganado	Cerro Porteño (Par)	Paraguay	Copa Libertadores de América*	Estadio Centenario	R. Cabrera	Romero, Zalazar y Vázquez
219	5	1998	1	2	-1	Perdido	Cerro Porteño (Par)	Paraguay	Copa Libertadores de América*	Estadio General Pablo Rojas	M. Olivera	Romero
220	3	1999	2	0	2	Ganado	Bella Vista (Uru)	Uruguay	Copa Libertadores de América*	Estadio Centenario	N. Gisbert	Romero y Alonso
221	3	1999	1	1	0	Empate	Bella Vista (Uru)	Uruguay	Copa Libertadores de América*	Estadio Centenario	J. Carbone	Alonso
222	4	1999	3	1	2	Ganado	Universitario (Perú)	Perú	Copa Libertadores de América*	Estadio Centenario	L. Ventre	Romero (2) y Alonso
223	4	1999	0	0	0	Empate	Universitario (Perú)	Perú	Copa Libertadores de América*	Estadio Monumental (Lima)	C. Robles	-
224	4	1999	2	1	1	Ganado	Sporting Cristal (Perú)	Perú	Copa Libertadores de América*	Estadio Centenario	A. Rodríguez	Alonso y Romero
225	5	1999	1	2	-1	Perdido	Sporting Cristal (Perú)	Perú	Copa Libertadores de América*	Estadio Nacional (Lima)	J. Mendez	Romero
226	3	2000	2	1	1	Ganado	Peñarol	Uruguay	Copa Libertadores de América*	Estadio Centenario	F. Caamaño	Alonso y Romero
227	3	2000	1	1	0	Empate	Peñarol	Uruguay	Copa Libertadores de América*	Estadio Centenario	A. Martínez	Alonso
228	4	2000	2	0	2	Ganado	América de Cali (Col)	Colombia	Copa Libertadores de América*	Estadio Centenario	H. Sosa	Romero (2)
229	4	2000	0	1	-1	Perdido	América de Cali (Col)	Colombia	Copa Libertadores de América*	Estadio Olímpico Pascual Guerrero	J. Viera	-
230	4	2000	3	1	2	Ganado	Atlético Nacional (Col)	Colombia	Copa Libertadores de América*	Estadio Centenario	R. Cabrera	Alonso (2) y Romero
231	5	2000	1	1	0	Empate	Atlético Nacional (Col)	Colombia	Copa Libertadores de América*	Estadio Atanasio Girardot	M. Olivera	Alonso
232	3	2001	2	0	2	Ganado	Danubio (Uru)	Uruguay	Copa Libertadores de América*	Estadio Centenario	N. Gisbert	Chevantón y Alonso
233	3	2001	0	0	0	Empate	Danubio (Uru)	Uruguay	Copa Libertadores de América*	Estadio Centenario	J. Carbone	-
234	4	2001	3	0	3	Ganado	Deportivo Táchira (Ven)	Venezuela	Copa Libertadores de América*	Estadio Centenario	L. Ventre	Chevantón (2) y Alonso
235	4	2001	1	2	-1	Perdido	Deportivo Táchira (Ven)	Venezuela	Copa Libertadores de América*	Estadio Pueblo Nuevo	C. Robles	Chevantón
236	4	2001	2	1	1	Ganado	Trujillanos (Ven)	Venezuela	Copa Libertadores de América*	Estadio Centenario	A. Rodríguez	Alonso y Chevantón
237	5	2001	1	0	1	Ganado	Trujillanos (Ven)	Venezuela	Copa Libertadores de América*	Estadio José Alberto Pérez	J. Mendez	Chevantón
238	3	2002	1	0	1	Ganado	Peñarol	Uruguay	Copa Libertadores de América*	Estadio Centenario	F. Caamaño	Chevantón
239	3	2002	2	2	0	Empate	Peñarol	Uruguay	Copa Libertadores de América*	Estadio Centenario	A. Martínez	Chevantón y Alonso
240	4	2002	2	1	1	Ganado	Bolívar (Bol)	Bolivia	Copa Libertadores de América*	Estadio Centenario	H. Sosa	Alonso (2)
241	4	2002	0	2	-2	Perdido	Bolívar (Bol)	Bolivia	Copa Libertadores de América*	Estadio Hernando Siles	J. Viera	-
242	4	2002	3	0	3	Ganado	Jorge Wilstermann (Bol)	Bolivia	Copa Libertadores de América*	Estadio Centenario	R. Cabrera	Chevantón, Alonso y Giménez
243	5	2002	1	1	0	Empate	Jorge Wilstermann (Bol)	Bolivia	Copa Libertadores de América*	Estadio Félix Capriles	M. Olivera	Giménez
244	3	2003	2	1	1	Ganado	Fénix (Uru)	Uruguay	Copa Libertadores de América*	Estadio Centenario	N. Gisbert	Giménez y Regueiro
245	3	2003	1	1	0	Empate	Fénix (Uru)	Uruguay	Copa Libertadores de América*	Estadio Centenario	J. Carbone	Regueiro
246	4	2003	2	0	2	Ganado	Cobreloa (Chile)	Chile	Copa Libertadores de América*	Estadio Centenario	L. Ventre	Giménez (2)
247	4	2003	0	1	-1	Perdido	Cobreloa (Chile)	Chile	Copa Libertadores de América*	Estadio Municipal (Calama)	C. Robles	-
248	4	2003	3	1	2	Ganado	Colo-Colo (Chile)	Chile	Copa Libertadores de América*	Estadio Centenario	A. Rodríguez	Regueiro (2) y Giménez
249	5	2003	1	2	-1	Perdido	Colo-Colo (Chile)	Chile	Copa Libertadores de América*	Estadio Monumental David Arellano	J. Mendez	Regueiro
250	3	2004	2	0	2	Ganado	Danubio (Uru)	Uruguay	Copa Libertadores de América*	Estadio Centenario	F. Caamaño	Regueiro y Pérez
251	3	2004	1	0	1	Ganado	Danubio (Uru)	Uruguay	Copa Libertadores de América*	Estadio Centenario	A. Martínez	Regueiro
252	4	2004	3	1	2	Ganado	Deportivo Cali (Col)	Colombia	Copa Libertadores de América*	Estadio Centenario	H. Sosa	Regueiro (2) y Pérez
253	4	2004	0	0	0	Empate	Deportivo Cali (Col)	Colombia	Copa Libertadores de América*	Estadio Olímpico Pascual Guerrero	J. Viera	-
254	4	2004	2	1	1	Ganado	Once Caldas (Col)	Colombia	Copa Libertadores de América*	Estadio Centenario	R. Cabrera	Pérez y Regueiro
255	5	2004	0	1	-1	Perdido	Once Caldas (Col)	Colombia	Copa Libertadores de América*	Estadio Palogrande	M. Olivera	-
256	3	2005	1	0	1	Ganado	Peñarol	Uruguay	Copa Libertadores de América*	Estadio Centenario	N. Gisbert	Pérez
257	3	2005	1	1	0	Empate	Peñarol	Uruguay	Copa Libertadores de América*	Estadio Centenario	J. Carbone	Morales
258	4	2005	2	0	2	Ganado	Vélez Sarsfield (Arg)	Argentina	Copa Libertadores de América*	Estadio Centenario	L. Ventre	Morales y Pérez
259	4	2005	0	2	-2	Perdido	Vélez Sarsfield (Arg)	Argentina	Copa Libertadores de América*	Estadio José Amalfitani	C. Robles	-
260	4	2005	3	1	2	Ganado	River Plate (Arg)	Argentina	Copa Libertadores de América*	Estadio Centenario	A. Rodríguez	Morales (2) y Pérez
261	5	2005	1	2	-1	Perdido	River Plate (Arg)	Argentina	Copa Libertadores de América*	Estadio Monumental (Bs. As.)	J. Mendez	Morales
262	3	2006	2	1	1	Ganado	Defensor Sporting (Uru)	Uruguay	Copa Libertadores de América*	Estadio Centenario	F. Caamaño	García y Morales
263	3	2006	0	0	0	Empate	Defensor Sporting (Uru)	Uruguay	Copa Libertadores de América*	Estadio Centenario	A. Martínez	-
264	4	2006	3	0	3	Ganado	Guaraní (Par)	Paraguay	Copa Libertadores de América*	Estadio Centenario	H. Sosa	García (2) y Morales
265	4	2006	1	1	0	Empate	Guaraní (Par)	Paraguay	Copa Libertadores de América*	Estadio Defensores del Chaco	J. Viera	García
266	4	2006	2	0	2	Ganado	Libertad (Par)	Paraguay	Copa Libertadores de América*	Estadio Centenario	R. Cabrera	Morales y García
267	5	2006	0	1	-1	Perdido	Libertad (Par)	Paraguay	Copa Libertadores de América*	Estadio Dr. Nicolás Leoz	M. Olivera	-
268	3	2007	2	0	2	Ganado	Danubio (Uru)	Uruguay	Copa Libertadores de América*	Estadio Centenario	N. Gisbert	García (2)
269	3	2007	1	1	0	Empate	Danubio (Uru)	Uruguay	Copa Libertadores de América*	Estadio Centenario	J. Carbone	Bueno
270	4	2007	3	1	2	Ganado	Caracas FC (Ven)	Venezuela	Copa Libertadores de América*	Estadio Centenario	L. Ventre	Bueno (2) y García
271	4	2007	1	2	-1	Perdido	Caracas FC (Ven)	Venezuela	Copa Libertadores de América*	Estadio Olímpico de la UCV	C. Robles	García
272	4	2007	2	1	1	Ganado	Unión Atlético Maracaibo (Ven)	Venezuela	Copa Libertadores de América*	Estadio Centenario	A. Rodríguez	Bueno y García
273	5	2007	1	1	0	Empate	Unión Atlético Maracaibo (Ven)	Venezuela	Copa Libertadores de América*	Estadio José Pachencho Romero	J. Mendez	Bueno
274	3	2008	2	1	1	Ganado	Peñarol	Uruguay	Copa Libertadores de América*	Estadio Centenario	F. Caamaño	Bueno y Medina
275	3	2008	0	0	0	Empate	Peñarol	Uruguay	Copa Libertadores de América*	Estadio Centenario	A. Martínez	-
276	4	2008	3	0	3	Ganado	Universidad San Martín (Perú)	Perú	Copa Libertadores de América*	Estadio Centenario	H. Sosa	Bueno (2) y Medina
277	4	2008	0	1	-1	Perdido	Universidad San Martín (Perú)	Perú	Copa Libertadores de América*	Estadio Nacional (Lima)	J. Viera	-
278	4	2008	2	0	2	Ganado	Cienciano (Perú)	Perú	Copa Libertadores de América*	Estadio Centenario	R. Cabrera	Medina y Bueno
279	5	2008	1	2	-1	Perdido	Cienciano (Perú)	Perú	Copa Libertadores de América*	Estadio Garcilaso de la Vega	M. Olivera	Medina
280	3	2009	2	0	2	Ganado	Defensor Sporting (Uru)	Uruguay	Copa Libertadores de América*	Estadio Centenario	N. Gisbert	Medina y Viudez
281	3	2009	1	0	1	Ganado	Defensor Sporting (Uru)	Uruguay	Copa Libertadores de América*	Estadio Centenario	J. Carbone	Viudez
282	4	2009	3	1	2	Ganado	Nacional de Asunción (Par)	Paraguay	Copa Libertadores de América*	Estadio Centenario	L. Ventre	Medina (2) y Viudez
283	4	2009	1	1	0	Empate	Nacional de Asunción (Par)	Paraguay	Copa Libertadores de América*	Estadio Defensores del Chaco	C. Robles	Medina
284	4	2009	2	1	1	Ganado	Sportivo Luqueño (Par)	Paraguay	Copa Libertadores de América*	Estadio Centenario	A. Rodríguez	Viudez y Medina
285	5	2009	0	0	0	Empate	Sportivo Luqueño (Par)	Paraguay	Copa Libertadores de América*	Estadio Feliciano Cáceres	J. Mendez	-
286	5	2009	1	0	1	Ganado	Palmeiras (Bra)	Brasil	Copa Libertadores de América*	Estadio Centenario	F. Caamaño	Medina
287	5	2009	1	1	0	Empate	Palmeiras (Bra)	Brasil	Copa Libertadores de América*	Estadio Palestra Italia	A. Martínez	Viudez
288	6	2009	0	0	0	Empate	Estudiantes de La Plata (Arg)	Argentina	Copa Libertadores de América*	Estadio Centenario	H. Sosa	-
289	6	2009	1	2	-1	Perdido	Estudiantes de La Plata (Arg)	Argentina	Copa Libertadores de América*	Estadio Ciudad de La Plata	J. Viera	Medina
290	3	2010	2	1	1	Ganado	Cerro (Uru)	Uruguay	Copa Libertadores de América*	Estadio Centenario	R. Cabrera	Vera y Medina
291	3	2010	1	1	0	Empate	Cerro (Uru)	Uruguay	Copa Libertadores de América*	Estadio Centenario	M. Olivera	Vera
292	4	2010	2	0	2	Ganado	Deportivo Quito (Ecu)	Ecuador	Copa Libertadores de América*	Estadio Centenario	N. Gisbert	Vera (2)
293	4	2010	0	2	-2	Perdido	Deportivo Quito (Ecu)	Ecuador	Copa Libertadores de América*	Estadio Olímpico Atahualpa	J. Carbone	-
294	4	2010	3	0	3	Ganado	Liga de Quito (Ecu)	Ecuador	Copa Libertadores de América*	Estadio Centenario	L. Ventre	Vera, Medina y García
295	5	2010	1	1	0	Empate	Liga de Quito (Ecu)	Ecuador	Copa Libertadores de América*	Estadio Casa Blanca	C. Robles	Vera
296	3	2011	2	0	2	Ganado	Peñarol	Uruguay	Copa Libertadores de América*	Estadio Centenario	A. Rodríguez	García y Vera
297	3	2011	1	2	-1	Perdido	Peñarol	Uruguay	Copa Libertadores de América*	Estadio Centenario	J. Mendez	García
298	4	2011	2	1	1	Ganado	Argentinos Juniors (Arg)	Argentina	Copa Libertadores de América*	Estadio Centenario	F. Caamaño	Vera y García
299	4	2011	0	0	0	Empate	Argentinos Juniors (Arg)	Argentina	Copa Libertadores de América*	Estadio Diego Armando Maradona	A. Martínez	-
